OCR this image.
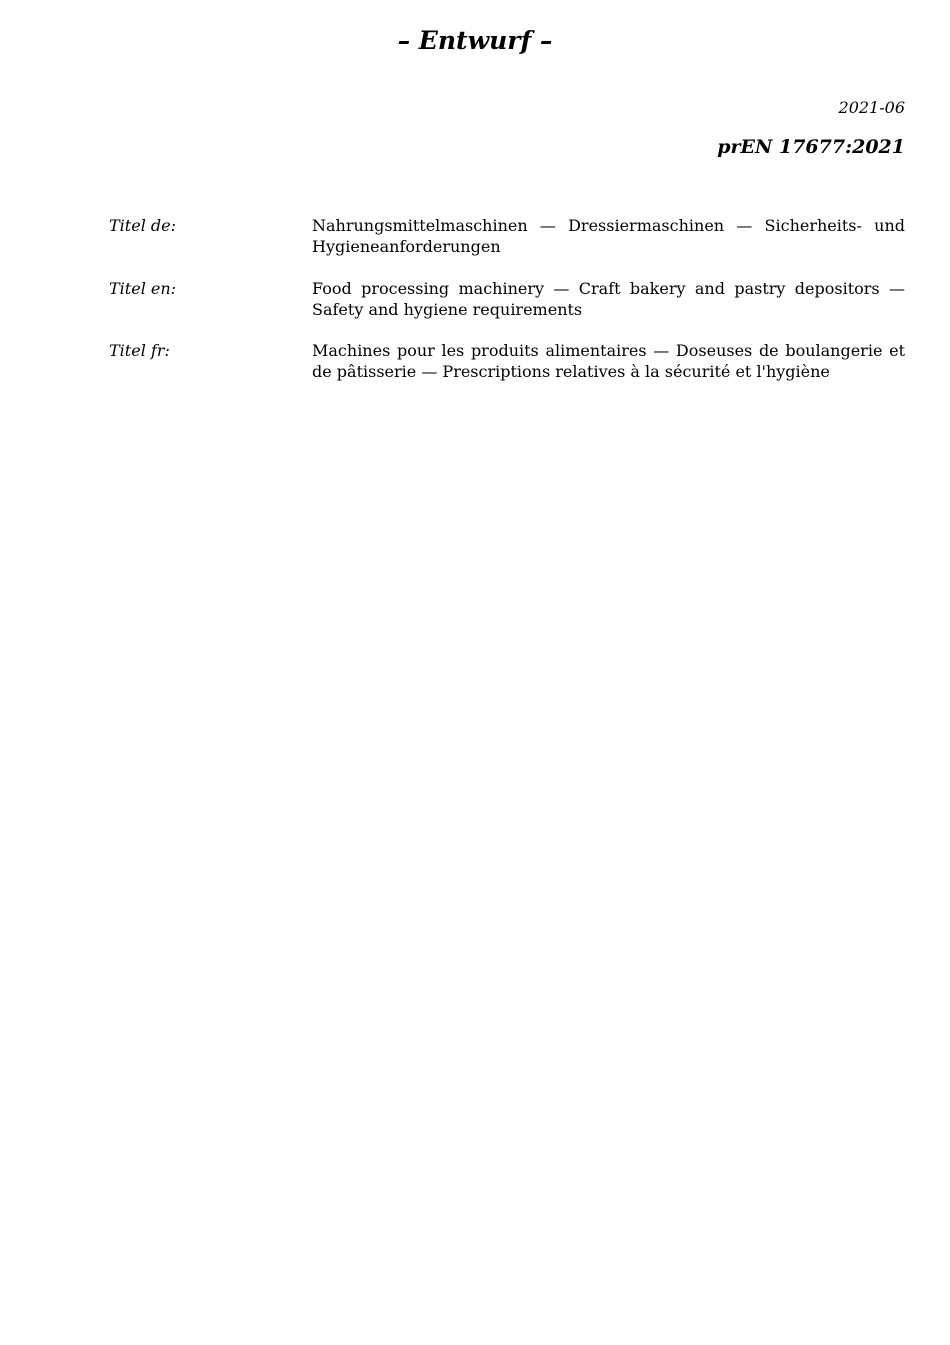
– Entwurf –
2021-06
prEN 17677:2021
Titel de:	Nahrungsmittelmaschinen — Dressiermaschinen — Sicherheits- und Hygieneanforderungen
Titel en:	Food processing machinery — Craft bakery and pastry depositors — Safety and hygiene requirements
Titel fr:	Machines pour les produits alimentaires — Doseuses de boulangerie et de pâtisserie — Prescriptions relatives à la sécurité et l'hygiène
